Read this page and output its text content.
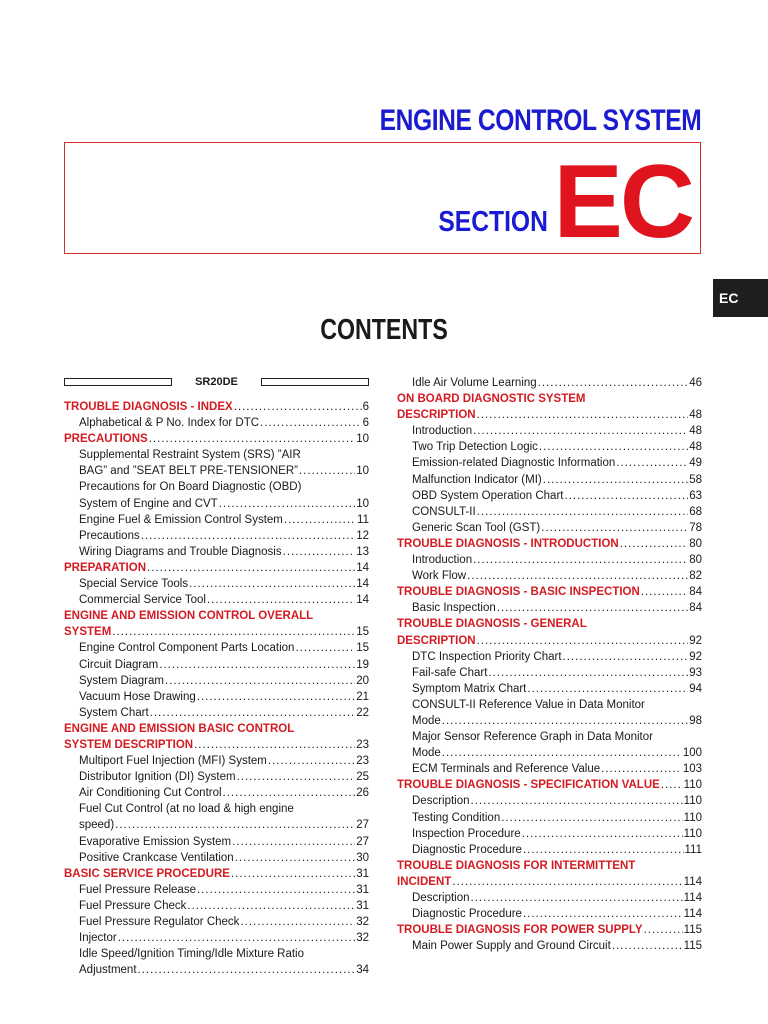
ENGINE CONTROL SYSTEM
SECTION EC
EC
CONTENTS
SR20DE
TROUBLE DIAGNOSIS - INDEX .....	6
Alphabetical & P No. Index for DTC .....	6
PRECAUTIONS .....	10
Supplemental Restraint System (SRS) ”AIR
BAG” and ”SEAT BELT PRE-TENSIONER” .....	10
Precautions for On Board Diagnostic (OBD)
System of Engine and CVT .....	10
Engine Fuel & Emission Control System .....	11
Precautions .....	12
Wiring Diagrams and Trouble Diagnosis .....	13
PREPARATION .....	14
Special Service Tools .....	14
Commercial Service Tool .....	14
ENGINE AND EMISSION CONTROL OVERALL
SYSTEM .....	15
Engine Control Component Parts Location .....	15
Circuit Diagram .....	19
System Diagram .....	20
Vacuum Hose Drawing .....	21
System Chart .....	22
ENGINE AND EMISSION BASIC CONTROL
SYSTEM DESCRIPTION .....	23
Multiport Fuel Injection (MFI) System .....	23
Distributor Ignition (DI) System .....	25
Air Conditioning Cut Control .....	26
Fuel Cut Control (at no load & high engine
speed) .....	27
Evaporative Emission System .....	27
Positive Crankcase Ventilation .....	30
BASIC SERVICE PROCEDURE .....	31
Fuel Pressure Release .....	31
Fuel Pressure Check .....	31
Fuel Pressure Regulator Check .....	32
Injector .....	32
Idle Speed/Ignition Timing/Idle Mixture Ratio
Adjustment .....	34
Idle Air Volume Learning .....	46
ON BOARD DIAGNOSTIC SYSTEM
DESCRIPTION .....	48
Introduction .....	48
Two Trip Detection Logic .....	48
Emission-related Diagnostic Information .....	49
Malfunction Indicator (MI) .....	58
OBD System Operation Chart .....	63
CONSULT-II .....	68
Generic Scan Tool (GST) .....	78
TROUBLE DIAGNOSIS - INTRODUCTION .....	80
Introduction .....	80
Work Flow .....	82
TROUBLE DIAGNOSIS - BASIC INSPECTION .....	84
Basic Inspection .....	84
TROUBLE DIAGNOSIS - GENERAL
DESCRIPTION .....	92
DTC Inspection Priority Chart .....	92
Fail-safe Chart .....	93
Symptom Matrix Chart .....	94
CONSULT-II Reference Value in Data Monitor
Mode .....	98
Major Sensor Reference Graph in Data Monitor
Mode .....	100
ECM Terminals and Reference Value .....	103
TROUBLE DIAGNOSIS - SPECIFICATION VALUE ..... 110
Description .....	110
Testing Condition .....	110
Inspection Procedure .....	110
Diagnostic Procedure .....	111
TROUBLE DIAGNOSIS FOR INTERMITTENT
INCIDENT .....	114
Description .....	114
Diagnostic Procedure .....	114
TROUBLE DIAGNOSIS FOR POWER SUPPLY .....	115
Main Power Supply and Ground Circuit .....	115
